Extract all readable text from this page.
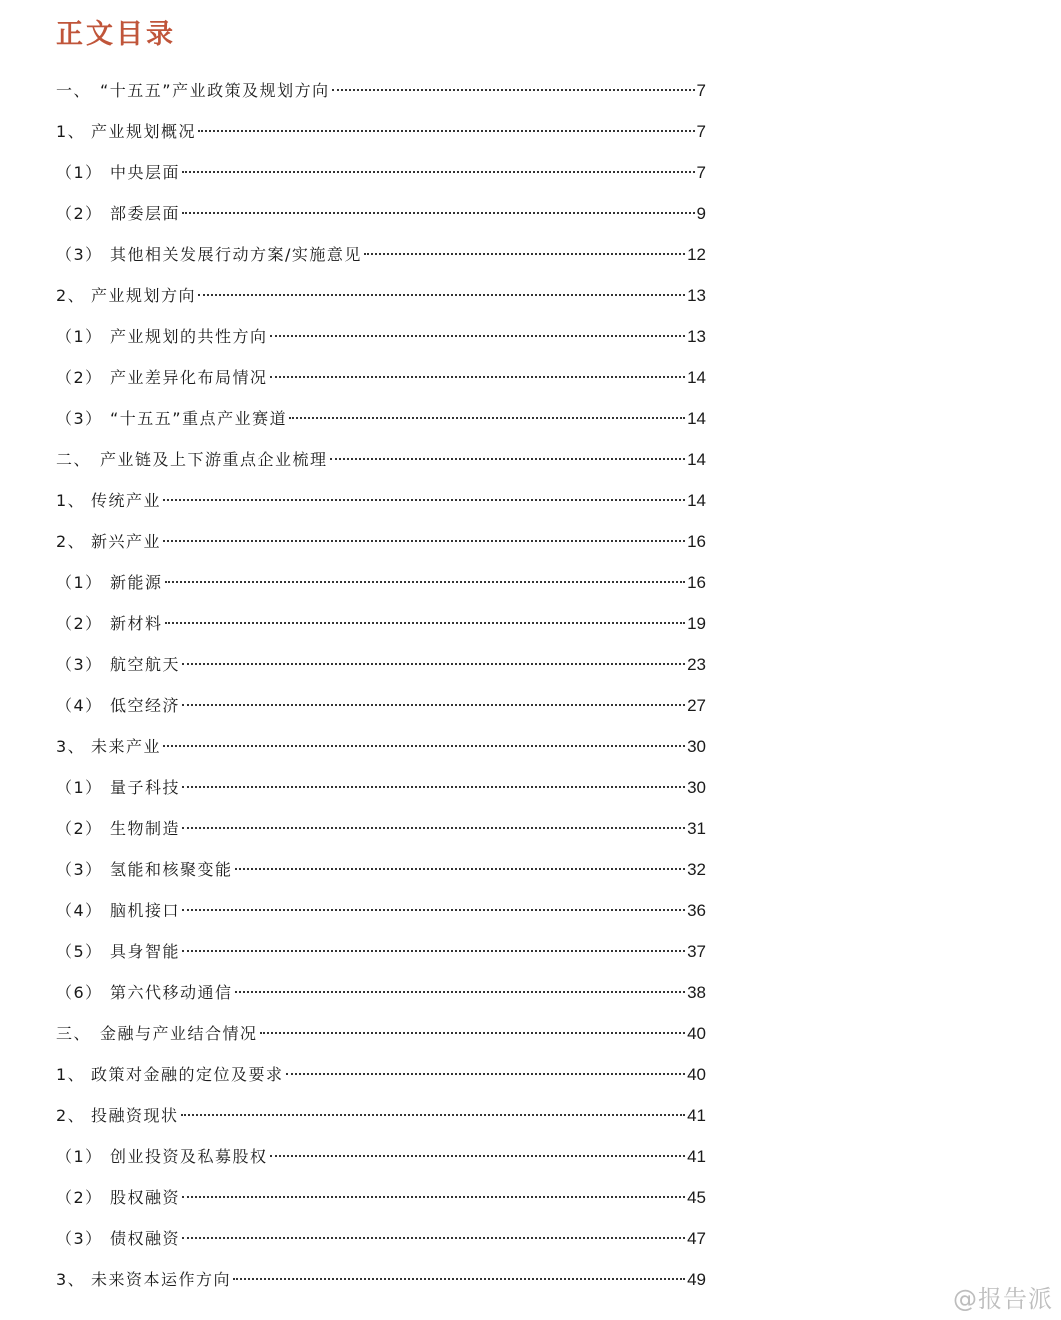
正文目录
一、 “十五五”产业政策及规划方向	7
1、 产业规划概况	7
（1） 中央层面	7
（2） 部委层面	9
（3） 其他相关发展行动方案/实施意见	12
2、 产业规划方向	13
（1） 产业规划的共性方向	13
（2） 产业差异化布局情况	14
（3） “十五五”重点产业赛道	14
二、 产业链及上下游重点企业梳理	14
1、 传统产业	14
2、 新兴产业	16
（1） 新能源	16
（2） 新材料	19
（3） 航空航天	23
（4） 低空经济	27
3、 未来产业	30
（1） 量子科技	30
（2） 生物制造	31
（3） 氢能和核聚变能	32
（4） 脑机接口	36
（5） 具身智能	37
（6） 第六代移动通信	38
三、 金融与产业结合情况	40
1、 政策对金融的定位及要求	40
2、 投融资现状	41
（1） 创业投资及私募股权	41
（2） 股权融资	45
（3） 债权融资	47
3、 未来资本运作方向	49
@报告派
